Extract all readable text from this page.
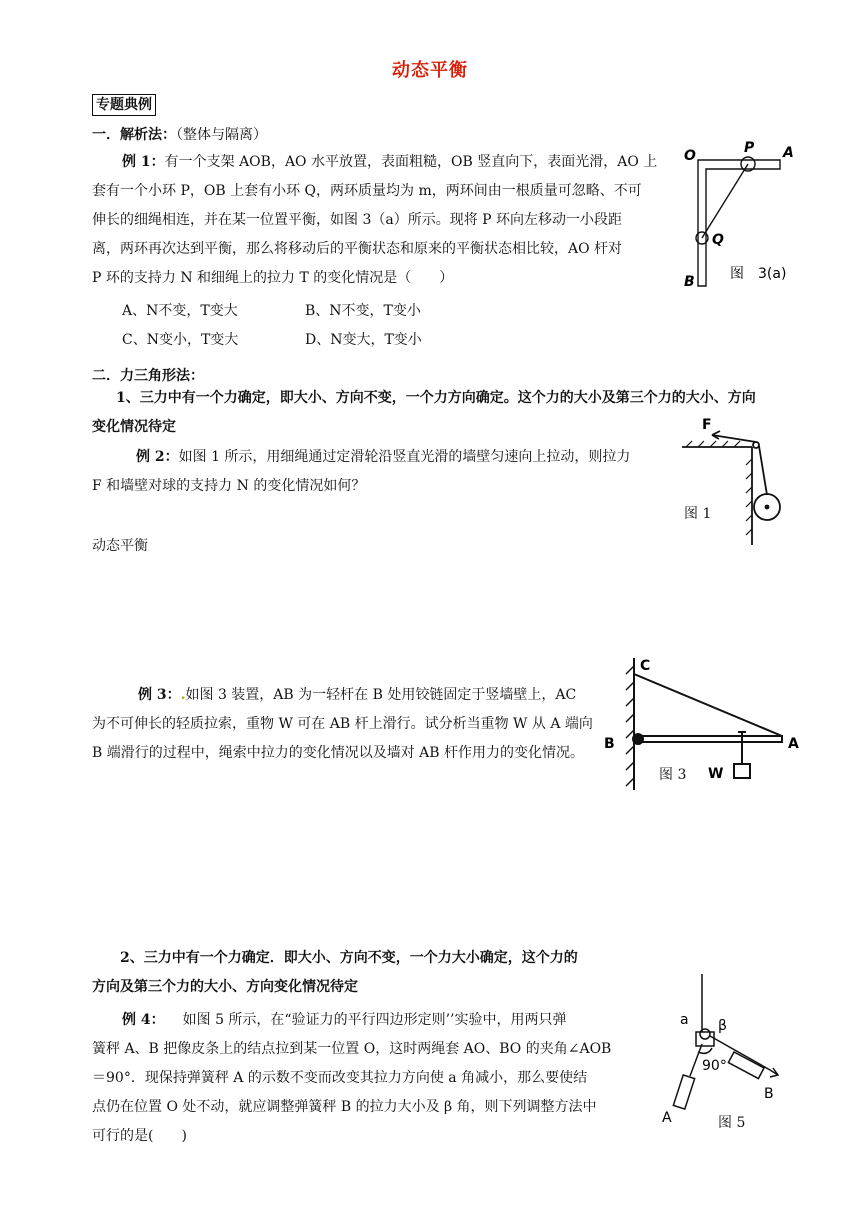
动态平衡
专题典例
一．解析法：（整体与隔离）
例 1：有一个支架 AOB，AO 水平放置，表面粗糙，OB 竖直向下，表面光滑，AO 上
套有一个小环 P，OB 上套有小环 Q，两环质量均为 m，两环间由一根质量可忽略、不可
伸长的细绳相连，并在某一位置平衡，如图 3（a）所示。现将 P 环向左移动一小段距
离，两环再次达到平衡，那么将移动后的平衡状态和原来的平衡状态相比较，AO 杆对
P 环的支持力 N 和细绳上的拉力 T 的变化情况是（　　）
A、N不变，T变大	B、N不变，T变小
C、N变小，T变大	D、N变大，T变小
O	P A
Q
B	图　3(a)
二．力三角形法：
1、三力中有一个力确定，即大小、方向不变，一个力方向确定。这个力的大小及第三个力的大小、方向
变化情况待定
例 2：如图 1 所示，用细绳通过定滑轮沿竖直光滑的墙壁匀速向上拉动，则拉力
F 和墙壁对球的支持力 N 的变化情况如何？
F
图 1
动态平衡
例 3：.如图 3 装置，AB 为一轻杆在 B 处用铰链固定于竖墙壁上，AC
为不可伸长的轻质拉索，重物 W 可在 AB 杆上滑行。试分析当重物 W 从 A 端向
B 端滑行的过程中，绳索中拉力的变化情况以及墙对 AB 杆作用力的变化情况。
C
B	A
W
图 3
2、三力中有一个力确定．即大小、方向不变，一个力大小确定，这个力的
方向及第三个力的大小、方向变化情况待定
例 4： 如图 5 所示，在“验证力的平行四边形定则’’实验中，用两只弹
簧秤 A、B 把像皮条上的结点拉到某一位置 O，这时两绳套 AO、BO 的夹角∠AOB
＝90°．现保持弹簧秤 A 的示数不变而改变其拉力方向使 a 角减小，那么要使结
点仍在位置 O 处不动，就应调整弹簧秤 B 的拉力大小及 β 角，则下列调整方法中
可行的是(　　)
a β
B
90°
A	图 5
